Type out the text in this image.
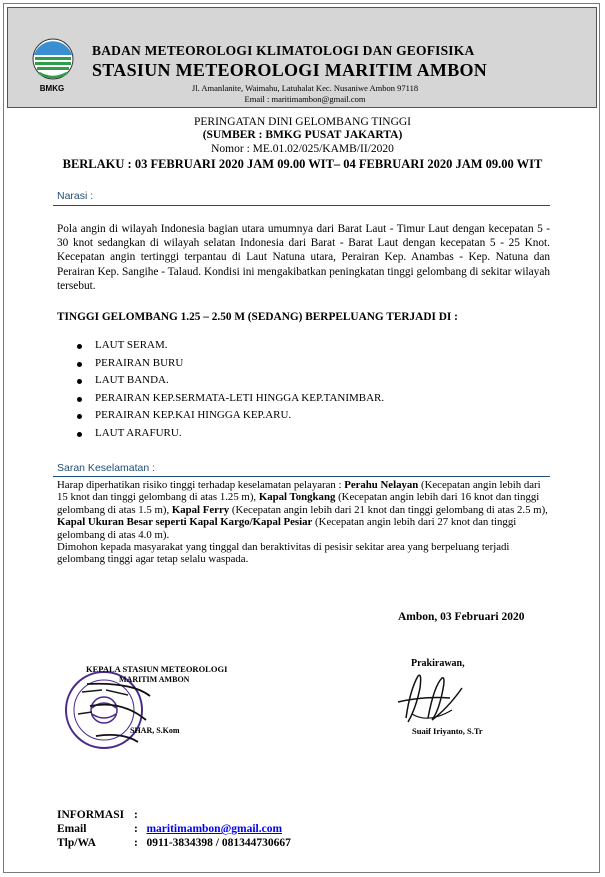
BMKG
BADAN METEOROLOGI KLIMATOLOGI DAN GEOFISIKA
STASIUN METEOROLOGI MARITIM AMBON
Jl. Amanlanite, Waimahu, Latuhalat Kec. Nusaniwe Ambon 97118
Email : maritimambon@gmail.com
PERINGATAN DINI GELOMBANG TINGGI
(SUMBER : BMKG PUSAT JAKARTA)
Nomor : ME.01.02/025/KAMB/II/2020
BERLAKU : 03 FEBRUARI 2020 JAM 09.00 WIT– 04 FEBRUARI 2020 JAM 09.00 WIT
Narasi :
Pola angin di wilayah Indonesia bagian utara umumnya dari Barat Laut - Timur Laut dengan kecepatan 5 - 30 knot sedangkan di wilayah selatan Indonesia dari Barat - Barat Laut dengan kecepatan 5 - 25 Knot. Kecepatan angin tertinggi terpantau di Laut Natuna utara, Perairan Kep. Anambas - Kep. Natuna dan Perairan Kep. Sangihe - Talaud. Kondisi ini mengakibatkan peningkatan tinggi gelombang di sekitar wilayah tersebut.
TINGGI GELOMBANG 1.25 – 2.50 M (SEDANG) BERPELUANG TERJADI DI :
LAUT SERAM.
PERAIRAN BURU
LAUT BANDA.
PERAIRAN KEP.SERMATA-LETI HINGGA KEP.TANIMBAR.
PERAIRAN KEP.KAI HINGGA KEP.ARU.
LAUT ARAFURU.
Saran Keselamatan :
Harap diperhatikan risiko tinggi terhadap keselamatan pelayaran : Perahu Nelayan (Kecepatan angin lebih dari 15 knot dan tinggi gelombang di atas 1.25 m), Kapal Tongkang (Kecepatan angin lebih dari 16 knot dan tinggi gelombang di atas 1.5 m), Kapal Ferry (Kecepatan angin lebih dari 21 knot dan tinggi gelombang di atas 2.5 m), Kapal Ukuran Besar seperti Kapal Kargo/Kapal Pesiar (Kecepatan angin lebih dari 27 knot dan tinggi gelombang di atas 4.0 m).
Dimohon kepada masyarakat yang tinggal dan beraktivitas di pesisir sekitar area yang berpeluang terjadi gelombang tinggi agar tetap selalu waspada.
Ambon, 03 Februari 2020
KEPALA STASIUN METEOROLOGI
MARITIM AMBON
SHAR, S.Kom
Prakirawan,
Suaif Iriyanto, S.Tr
INFORMASI :
Email	: maritimambon@gmail.com
Tlp/WA	: 0911-3834398 / 081344730667
